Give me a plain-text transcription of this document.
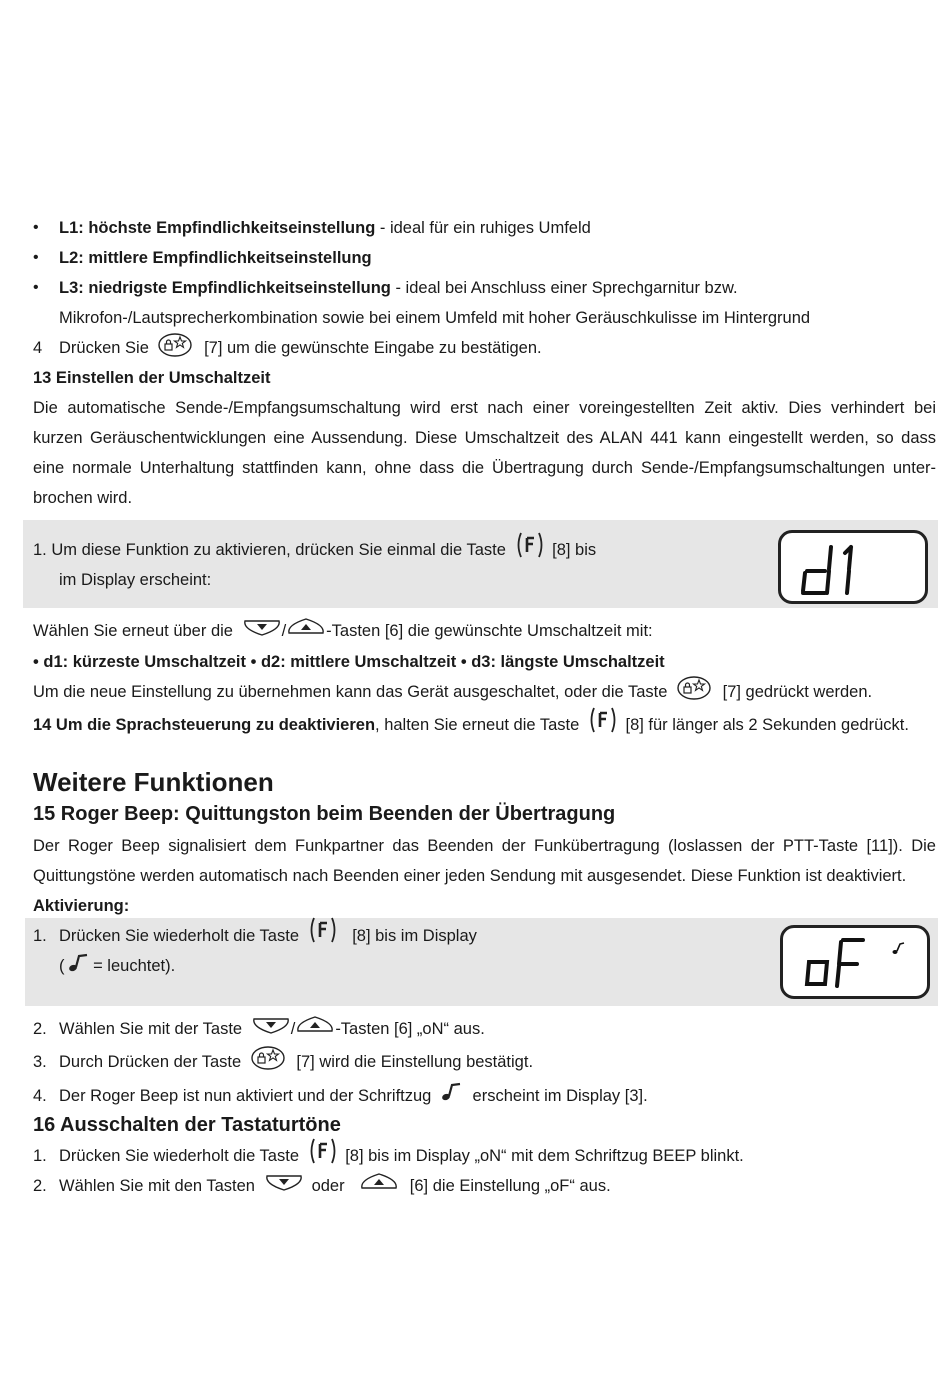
• L1: höchste Empfindlichkeitseinstellung - ideal für ein ruhiges Umfeld
• L2: mittlere Empfindlichkeitseinstellung
• L3: niedrigste Empfindlichkeitseinstellung - ideal bei Anschluss einer Sprechgarnitur bzw.
Mikrofon-/Lautsprecherkombination sowie bei einem Umfeld mit hoher Geräuschkulisse im Hintergrund
4	Drücken Sie	[7] um die gewünschte Eingabe zu bestätigen.
13 Einstellen der Umschaltzeit
Die automatische Sende-/Empfangsumschaltung wird erst nach einer voreingestellten Zeit aktiv. Dies verhindert bei
kurzen Geräuschentwicklungen eine Aussendung. Diese Umschaltzeit des ALAN 441 kann eingestellt werden, so dass
eine normale Unterhaltung stattfinden kann, ohne dass die Übertragung durch Sende-/Empfangsumschaltungen unter-
brochen wird.
1. Um diese Funktion zu aktivieren, drücken Sie einmal die Taste	[8] bis
im Display erscheint:
Wählen Sie erneut über die	/ -Tasten [6] die gewünschte Umschaltzeit mit:
• d1: kürzeste Umschaltzeit • d2: mittlere Umschaltzeit • d3: längste Umschaltzeit
Um die neue Einstellung zu übernehmen kann das Gerät ausgeschaltet, oder die Taste	[7] gedrückt werden.
14 Um die Sprachsteuerung zu deaktivieren, halten Sie erneut die Taste	[8] für länger als 2 Sekunden gedrückt.
Weitere Funktionen
15 Roger Beep: Quittungston beim Beenden der Übertragung
Der Roger Beep signalisiert dem Funkpartner das Beenden der Funkübertragung (loslassen der PTT-Taste [11]). Die
Quittungstöne werden automatisch nach Beenden einer jeden Sendung mit ausgesendet. Diese Funktion ist deaktiviert.
Aktivierung:
1. Drücken Sie wiederholt die Taste	[8] bis im Display
( = leuchtet).
2. Wählen Sie mit der Taste	/ -Tasten [6] „oN“ aus.
3. Durch Drücken der Taste	[7] wird die Einstellung bestätigt.
4. Der Roger Beep ist nun aktiviert und der Schriftzug erscheint im Display [3].
16 Ausschalten der Tastaturtöne
1. Drücken Sie wiederholt die Taste	[8] bis im Display „oN“ mit dem Schriftzug BEEP blinkt.
2. Wählen Sie mit den Tasten	oder	[6] die Einstellung „oF“ aus.
